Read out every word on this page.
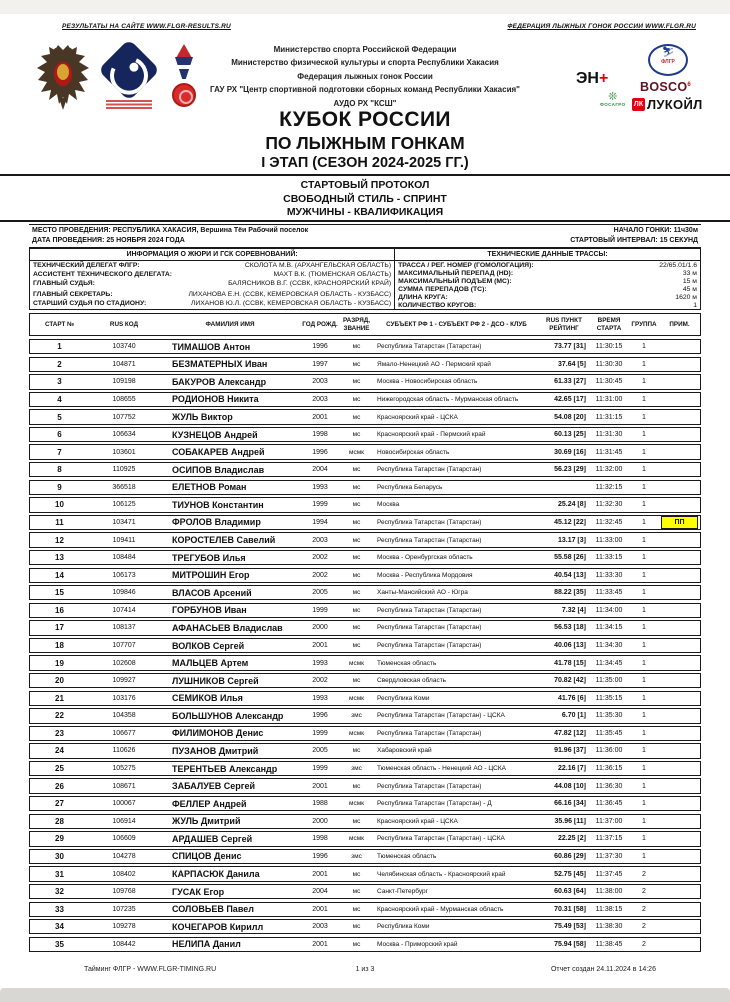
РЕЗУЛЬТАТЫ НА САЙТЕ WWW.FLGR-RESULTS.RU	ФЕДЕРАЦИЯ ЛЫЖНЫХ ГОНОК РОССИИ WWW.FLGR.RU
Министерство спорта Российской Федерации
Министерство физической культуры и спорта Республики Хакасия
Федерация лыжных гонок России
ГАУ РХ "Центр спортивной подготовки сборных команд Республики Хакасия"
АУДО РХ "КСШ"
ЭН+
❊
ФОСАГРО
⛷
ФЛГР
BOSCO$^6$
ЛК ЛУКОЙЛ
КУБОК РОССИИ
ПО ЛЫЖНЫМ ГОНКАМ
I ЭТАП (СЕЗОН 2024-2025 ГГ.)
СТАРТОВЫЙ ПРОТОКОЛ
СВОБОДНЫЙ СТИЛЬ - СПРИНТ
МУЖЧИНЫ - КВАЛИФИКАЦИЯ
МЕСТО ПРОВЕДЕНИЯ: РЕСПУБЛИКА ХАКАСИЯ, Вершина Тёи Рабочий поселок	НАЧАЛО ГОНКИ: 11ч30м
ДАТА ПРОВЕДЕНИЯ: 25 НОЯБРЯ 2024 ГОДА	СТАРТОВЫЙ ИНТЕРВАЛ: 15 СЕКУНД
ИНФОРМАЦИЯ О ЖЮРИ И ГСК СОРЕВНОВАНИЙ:
ТЕХНИЧЕСКИЙ ДЕЛЕГАТ ФЛГР:	СКОЛОТА М.В. (АРХАНГЕЛЬСКАЯ ОБЛАСТЬ)
АССИСТЕНТ ТЕХНИЧЕСКОГО ДЕЛЕГАТА:	МАХТ В.К. (ТЮМЕНСКАЯ ОБЛАСТЬ)
ГЛАВНЫЙ СУДЬЯ:	БАЛЯСНИКОВ В.Г. (ССВК, КРАСНОЯРСКИЙ КРАЙ)
ГЛАВНЫЙ СЕКРЕТАРЬ:	ЛИХАНОВА Е.Н. (ССВК, КЕМЕРОВСКАЯ ОБЛАСТЬ - КУЗБАСС)
СТАРШИЙ СУДЬЯ ПО СТАДИОНУ:	ЛИХАНОВ Ю.Л. (ССВК, КЕМЕРОВСКАЯ ОБЛАСТЬ - КУЗБАСС)
ТЕХНИЧЕСКИЕ ДАННЫЕ ТРАССЫ:
ТРАССА / РЕГ. НОМЕР (ГОМОЛОГАЦИЯ):	22/65.01/1.6
МАКСИМАЛЬНЫЙ ПЕРЕПАД (HD):	33 м
МАКСИМАЛЬНЫЙ ПОДЪЕМ (MC):	15 м
СУММА ПЕРЕПАДОВ (TC):	45 м
ДЛИНА КРУГА:	1620 м
КОЛИЧЕСТВО КРУГОВ:	1
СТАРТ №	RUS КОД	ФАМИЛИЯ ИМЯ	ГОД РОЖД.
РАЗРЯД, ЗВАНИЕ
СУБЪЕКТ РФ 1 - СУБЪЕКТ РФ 2 - ДСО - КЛУБ
RUS ПУНКТ РЕЙТИНГ
ВРЕМЯ СТАРТА
ГРУППА	ПРИМ.
1	103740	ТИМАШОВ Антон	1996	мс	Республика Татарстан (Татарстан)	73.77 [31]	11:30:15	1
2	104871	БЕЗМАТЕРНЫХ Иван	1997	мс	Ямало-Ненецкий АО - Пермский край	37.64 [5]	11:30:30	1
3	109198	БАКУРОВ Александр	2003	мс	Москва - Новосибирская область	61.33 [27]	11:30:45	1
4	108655	РОДИОНОВ Никита	2003	мс	Нижегородская область - Мурманская область	42.65 [17]	11:31:00	1
5	107752	ЖУЛЬ Виктор	2001	мс	Красноярский край - ЦСКА	54.08 [20]	11:31:15	1
6	106634	КУЗНЕЦОВ Андрей	1998	мс	Красноярский край - Пермский край	60.13 [25]	11:31:30	1
7	103601	СОБАКАРЕВ Андрей	1996	мсмк	Новосибирская область	30.69 [16]	11:31:45	1
8	110925	ОСИПОВ Владислав	2004	мс	Республика Татарстан (Татарстан)	56.23 [29]	11:32:00	1
9	366518	ЕЛЕТНОВ Роман	1993	мс	Республика Беларусь	11:32:15	1
10	106125	ТИУНОВ Константин	1999	мс	Москва	25.24 [8]	11:32:30	1
11	103471	ФРОЛОВ Владимир	1994	мс	Республика Татарстан (Татарстан)	45.12 [22]	11:32:45	1	ПП
12	109411	КОРОСТЕЛЕВ Савелий	2003	мс	Республика Татарстан (Татарстан)	13.17 [3]	11:33:00	1
13	108484	ТРЕГУБОВ Илья	2002	мс	Москва - Оренбургская область	55.58 [26]	11:33:15	1
14	106173	МИТРОШИН Егор	2002	мс	Москва - Республика Мордовия	40.54 [13]	11:33:30	1
15	109846	ВЛАСОВ Арсений	2005	мс	Ханты-Мансийский АО - Югра	88.22 [35]	11:33:45	1
16	107414	ГОРБУНОВ Иван	1999	мс	Республика Татарстан (Татарстан)	7.32 [4]	11:34:00	1
17	108137	АФАНАСЬЕВ Владислав	2000	мс	Республика Татарстан (Татарстан)	56.53 [18]	11:34:15	1
18	107707	ВОЛКОВ Сергей	2001	мс	Республика Татарстан (Татарстан)	40.06 [13]	11:34:30	1
19	102608	МАЛЬЦЕВ Артем	1993	мсмк	Тюменская область	41.78 [15]	11:34:45	1
20	109927	ЛУШНИКОВ Сергей	2002	мс	Свердловская область	70.82 [42]	11:35:00	1
21	103176	СЕМИКОВ Илья	1993	мсмк	Республика Коми	41.76 [6]	11:35:15	1
22	104358	БОЛЬШУНОВ Александр	1996	змс	Республика Татарстан (Татарстан) - ЦСКА	6.70 [1]	11:35:30	1
23	106677	ФИЛИМОНОВ Денис	1999	мсмк	Республика Татарстан (Татарстан)	47.82 [12]	11:35:45	1
24	110626	ПУЗАНОВ Дмитрий	2005	мс	Хабаровский край	91.96 [37]	11:36:00	1
25	105275	ТЕРЕНТЬЕВ Александр	1999	змс	Тюменская область - Ненецкий АО - ЦСКА	22.16 [7]	11:36:15	1
26	108671	ЗАБАЛУЕВ Сергей	2001	мс	Республика Татарстан (Татарстан)	44.08 [10]	11:36:30	1
27	100067	ФЕЛЛЕР Андрей	1988	мсмк	Республика Татарстан (Татарстан) - Д	66.16 [34]	11:36:45	1
28	106914	ЖУЛЬ Дмитрий	2000	мс	Красноярский край - ЦСКА	35.96 [11]	11:37:00	1
29	106609	АРДАШЕВ Сергей	1998	мсмк	Республика Татарстан (Татарстан) - ЦСКА	22.25 [2]	11:37:15	1
30	104278	СПИЦОВ Денис	1996	змс	Тюменская область	60.86 [29]	11:37:30	1
31	108402	КАРПАСЮК Данила	2001	мс	Челябинская область - Красноярский край	52.75 [45]	11:37:45	2
32	109768	ГУСАК Егор	2004	мс	Санкт-Петербург	60.63 [64]	11:38:00	2
33	107235	СОЛОВЬЕВ Павел	2001	мс	Красноярский край - Мурманская область	70.31 [58]	11:38:15	2
34	109278	КОЧЕГАРОВ Кирилл	2003	мс	Республика Коми	75.49 [53]	11:38:30	2
35	108442	НЕЛИПА Данил	2001	мс	Москва - Приморский край	75.94 [58]	11:38:45	2
Тайминг ФЛГР - WWW.FLGR-TIMING.RU	1 из 3	Отчет создан 24.11.2024 в 14:26
